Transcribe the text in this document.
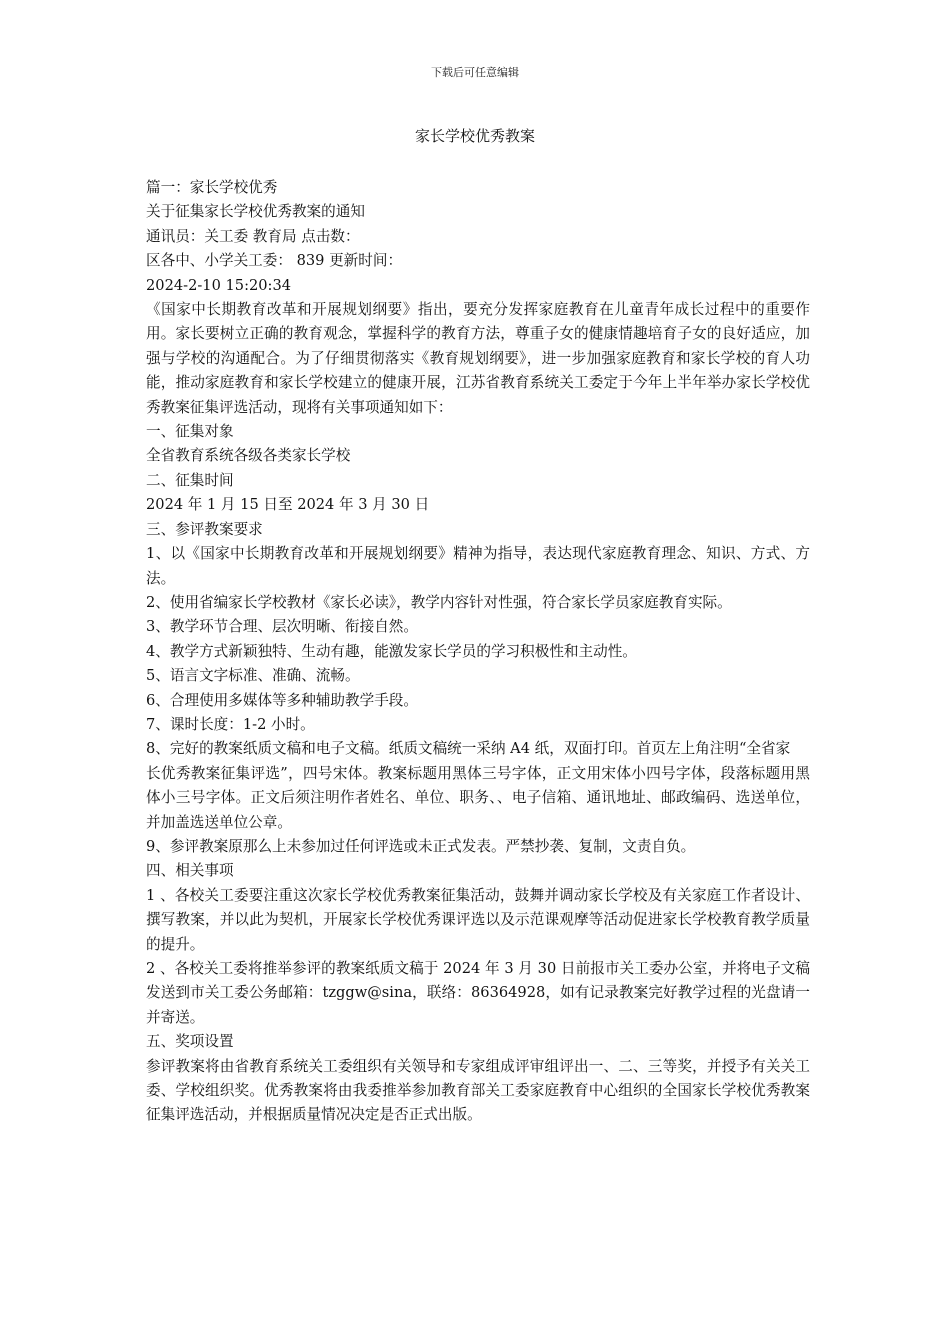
下载后可任意编辑
家长学校优秀教案

篇一：家长学校优秀

关于征集家长学校优秀教案的通知

通讯员：关工委 教育局 点击数：

区各中、小学关工委： 839 更新时间：

2024-2-10 15:20:34

《国家中长期教育改革和开展规划纲要》指出，要充分发挥家庭教育在儿童青年成长过程中的重要作用。家长要树立正确的教育观念，掌握科学的教育方法，尊重子女的健康情趣培育子女的良好适应，加强与学校的沟通配合。为了仔细贯彻落实《教育规划纲要》，进一步加强家庭教育和家长学校的育人功能，推动家庭教育和家长学校建立的健康开展，江苏省教育系统关工委定于今年上半年举办家长学校优秀教案征集评选活动，现将有关事项通知如下：

一、征集对象

全省教育系统各级各类家长学校

二、征集时间

2024 年 1 月 15 日至 2024 年 3 月 30 日

三、参评教案要求

1、以《国家中长期教育改革和开展规划纲要》精神为指导，表达现代家庭教育理念、知识、方式、方法。

2、使用省编家长学校教材《家长必读》，教学内容针对性强，符合家长学员家庭教育实际。

3、教学环节合理、层次明晰、衔接自然。

4、教学方式新颖独特、生动有趣，能激发家长学员的学习积极性和主动性。

5、语言文字标准、准确、流畅。

6、合理使用多媒体等多种辅助教学手段。

7、课时长度：1-2 小时。

8、完好的教案纸质文稿和电子文稿。纸质文稿统一采纳 A4 纸，双面打印。首页左上角注明“全省家

长优秀教案征集评选”，四号宋体。教案标题用黑体三号字体，正文用宋体小四号字体，段落标题用黑体小三号字体。正文后须注明作者姓名、单位、职务、、电子信箱、通讯地址、邮政编码、选送单位，并加盖选送单位公章。

9、参评教案原那么上未参加过任何评选或未正式发表。严禁抄袭、复制，文责自负。

四、相关事项

1 、各校关工委要注重这次家长学校优秀教案征集活动，鼓舞并调动家长学校及有关家庭工作者设计、撰写教案，并以此为契机，开展家长学校优秀课评选以及示范课观摩等活动促进家长学校教育教学质量的提升。

2 、各校关工委将推举参评的教案纸质文稿于 2024 年 3 月 30 日前报市关工委办公室，并将电子文稿发送到市关工委公务邮箱：tzggw@sina，联络：86364928，如有记录教案完好教学过程的光盘请一并寄送。

五、奖项设置

参评教案将由省教育系统关工委组织有关领导和专家组成评审组评出一、二、三等奖，并授予有关关工委、学校组织奖。优秀教案将由我委推举参加教育部关工委家庭教育中心组织的全国家长学校优秀教案征集评选活动，并根据质量情况决定是否正式出版。
